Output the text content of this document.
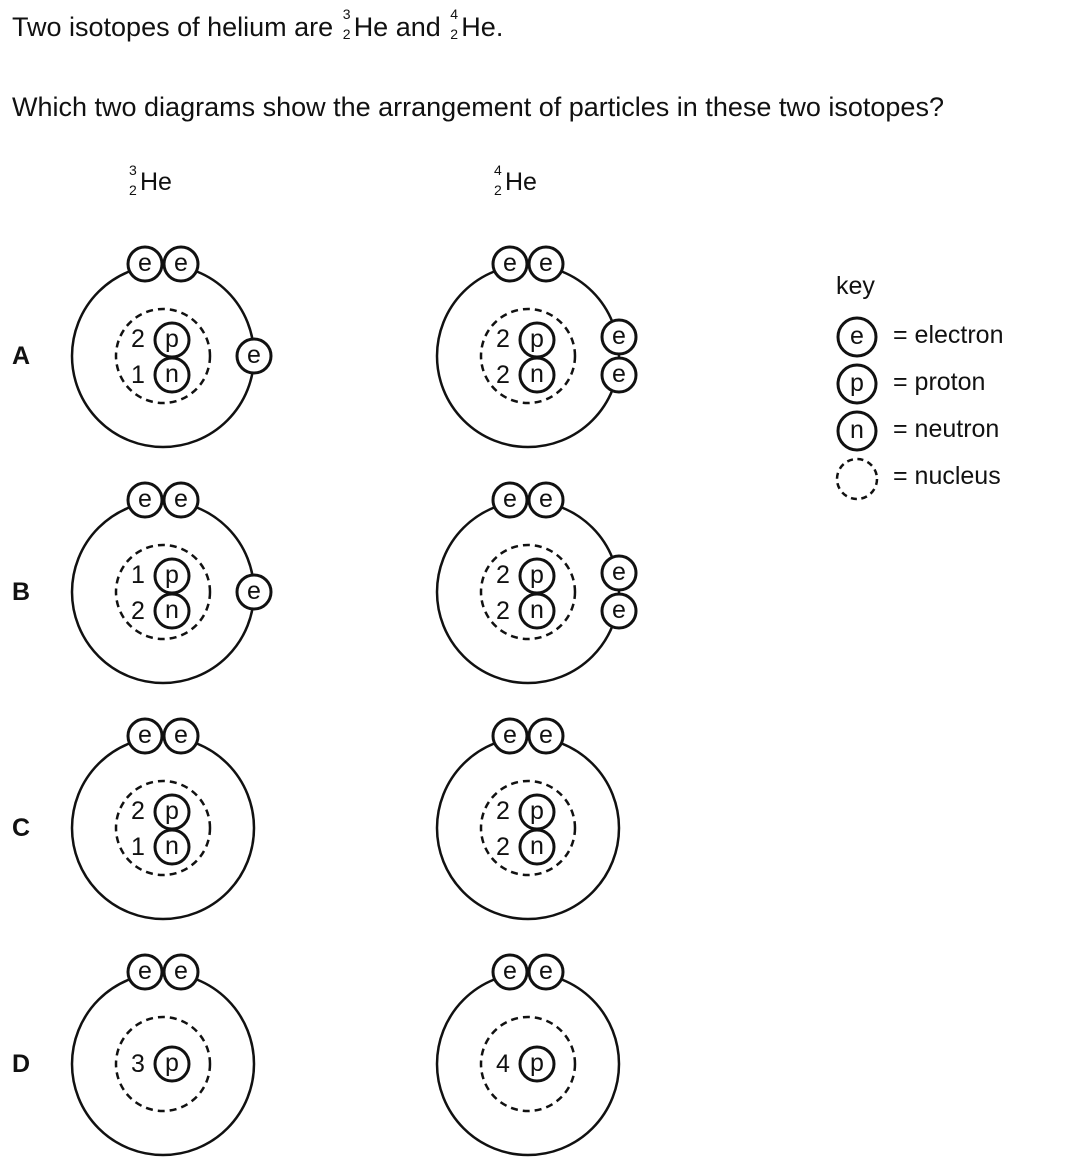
Two isotopes of helium are 3
2 He and 4
2 He.
Which two diagrams show the arrangement of particles in these two isotopes?
3
2 He	4
2 He
A
B
C
D
e e
e
2 p
1 n
e e
e
e
2 p
2 n
e e
e
1 p
2 n
e e
e
e
2 p
2 n
e e
2 p
1 n
e e
2 p
2 n
e e
3 p
e e
4 p
e
p
n
key
= electron
= proton
= neutron
= nucleus
